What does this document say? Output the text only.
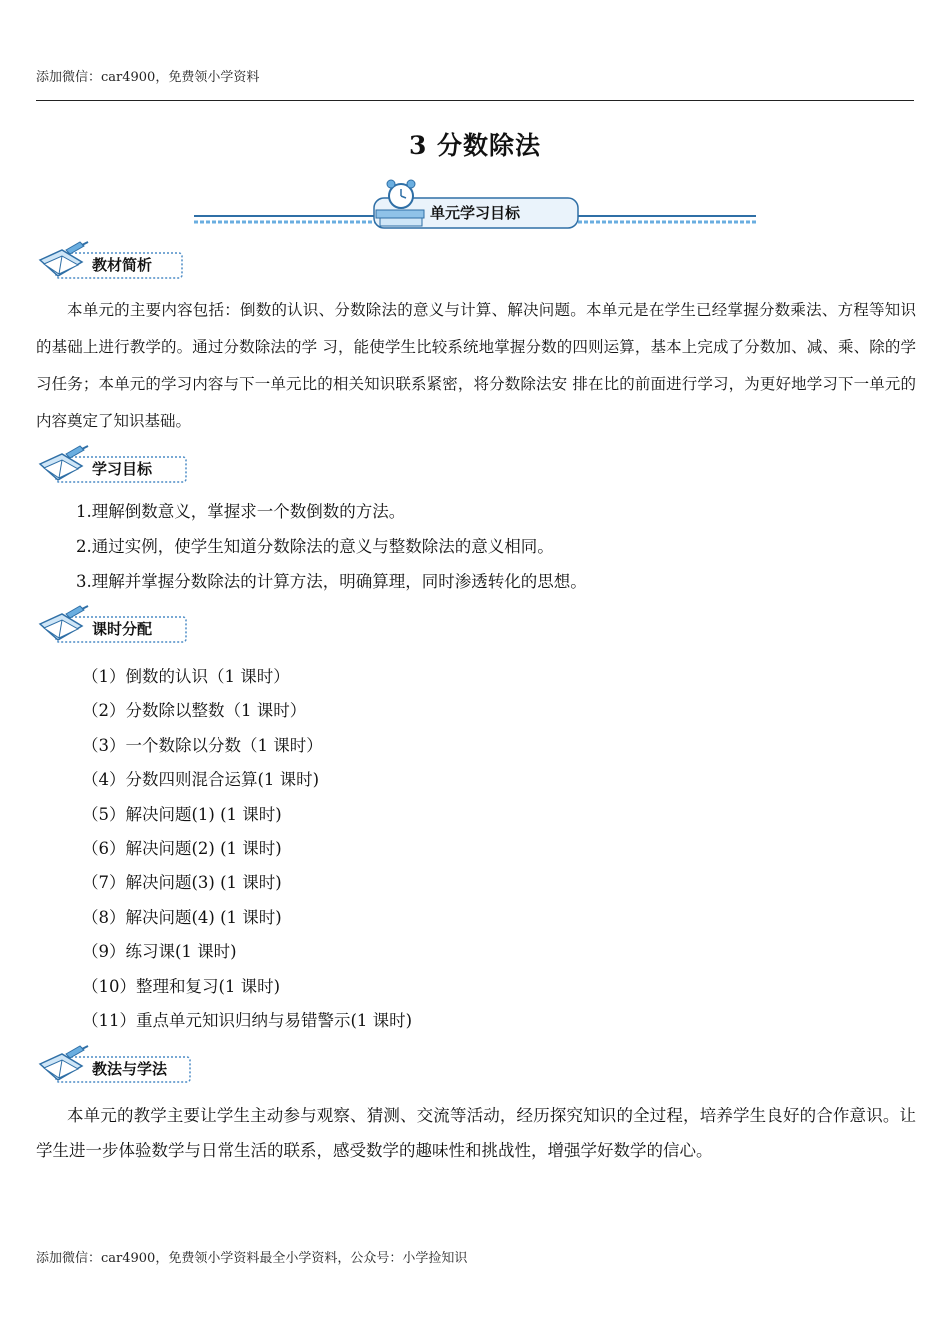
添加微信：car4900，免费领小学资料
3 分数除法
单元学习目标
教材简析
本单元的主要内容包括：倒数的认识、分数除法的意义与计算、解决问题。本单元是在学生已经掌握分数乘法、方程等知识的基础上进行教学的。通过分数除法的学 习，能使学生比较系统地掌握分数的四则运算，基本上完成了分数加、减、乘、除的学习任务；本单元的学习内容与下一单元比的相关知识联系紧密，将分数除法安 排在比的前面进行学习，为更好地学习下一单元的内容奠定了知识基础。
学习目标
1.理解倒数意义，掌握求一个数倒数的方法。
2.通过实例，使学生知道分数除法的意义与整数除法的意义相同。
3.理解并掌握分数除法的计算方法，明确算理，同时渗透转化的思想。
课时分配
（1）倒数的认识（1 课时）
（2）分数除以整数（1 课时）
（3）一个数除以分数（1 课时）
（4）分数四则混合运算(1 课时)
（5）解决问题(1) (1 课时)
（6）解决问题(2) (1 课时)
（7）解决问题(3) (1 课时)
（8）解决问题(4) (1 课时)
（9）练习课(1 课时)
（10）整理和复习(1 课时)
（11）重点单元知识归纳与易错警示(1 课时)
教法与学法
本单元的教学主要让学生主动参与观察、猜测、交流等活动，经历探究知识的全过程，培养学生良好的合作意识。让学生进一步体验数学与日常生活的联系，感受数学的趣味性和挑战性，增强学好数学的信心。
添加微信：car4900，免费领小学资料最全小学资料，公众号：小学捡知识
